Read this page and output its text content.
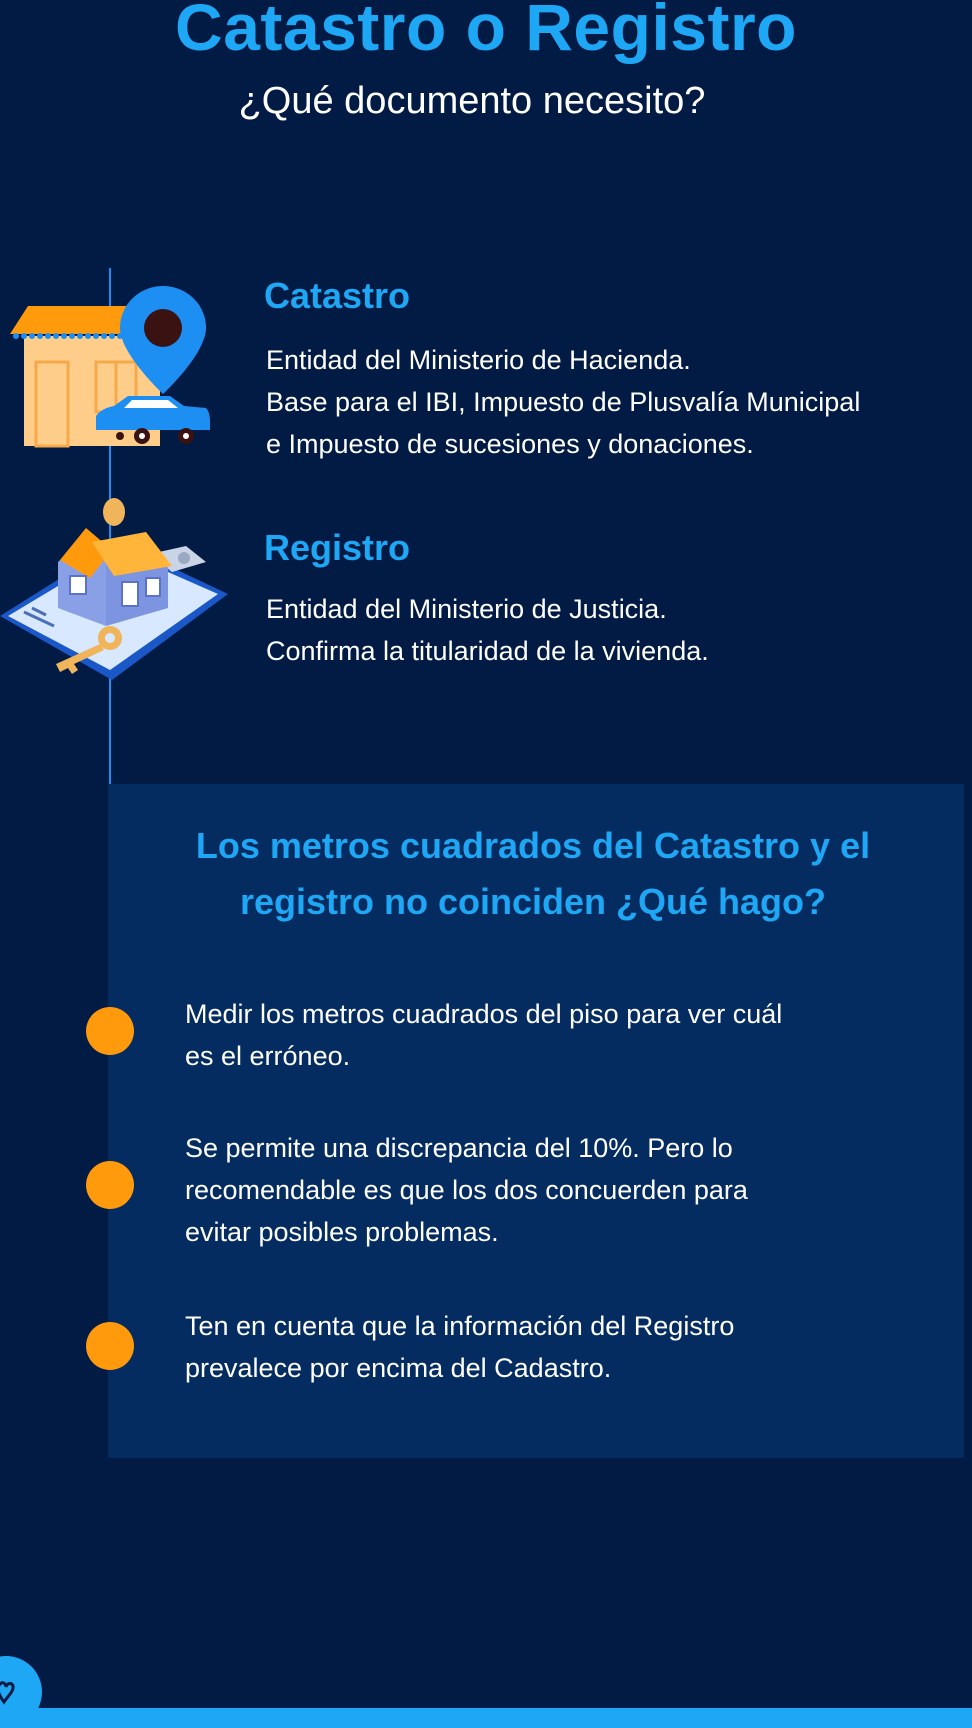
Catastro o Registro

¿Qué documento necesito?

Catastro

Entidad del Ministerio de Hacienda.
Base para el IBI, Impuesto de Plusvalía Municipal
e Impuesto de sucesiones y donaciones.

Registro

Entidad del Ministerio de Justicia.
Confirma la titularidad de la vivienda.

Los metros cuadrados del Catastro y el
registro no coinciden ¿Qué hago?
Medir los metros cuadrados del piso para ver cuál
es el erróneo.
Se permite una discrepancia del 10%. Pero lo
recomendable es que los dos concuerden para
evitar posibles problemas.
Ten en cuenta que la información del Registro
prevalece por encima del Cadastro.
